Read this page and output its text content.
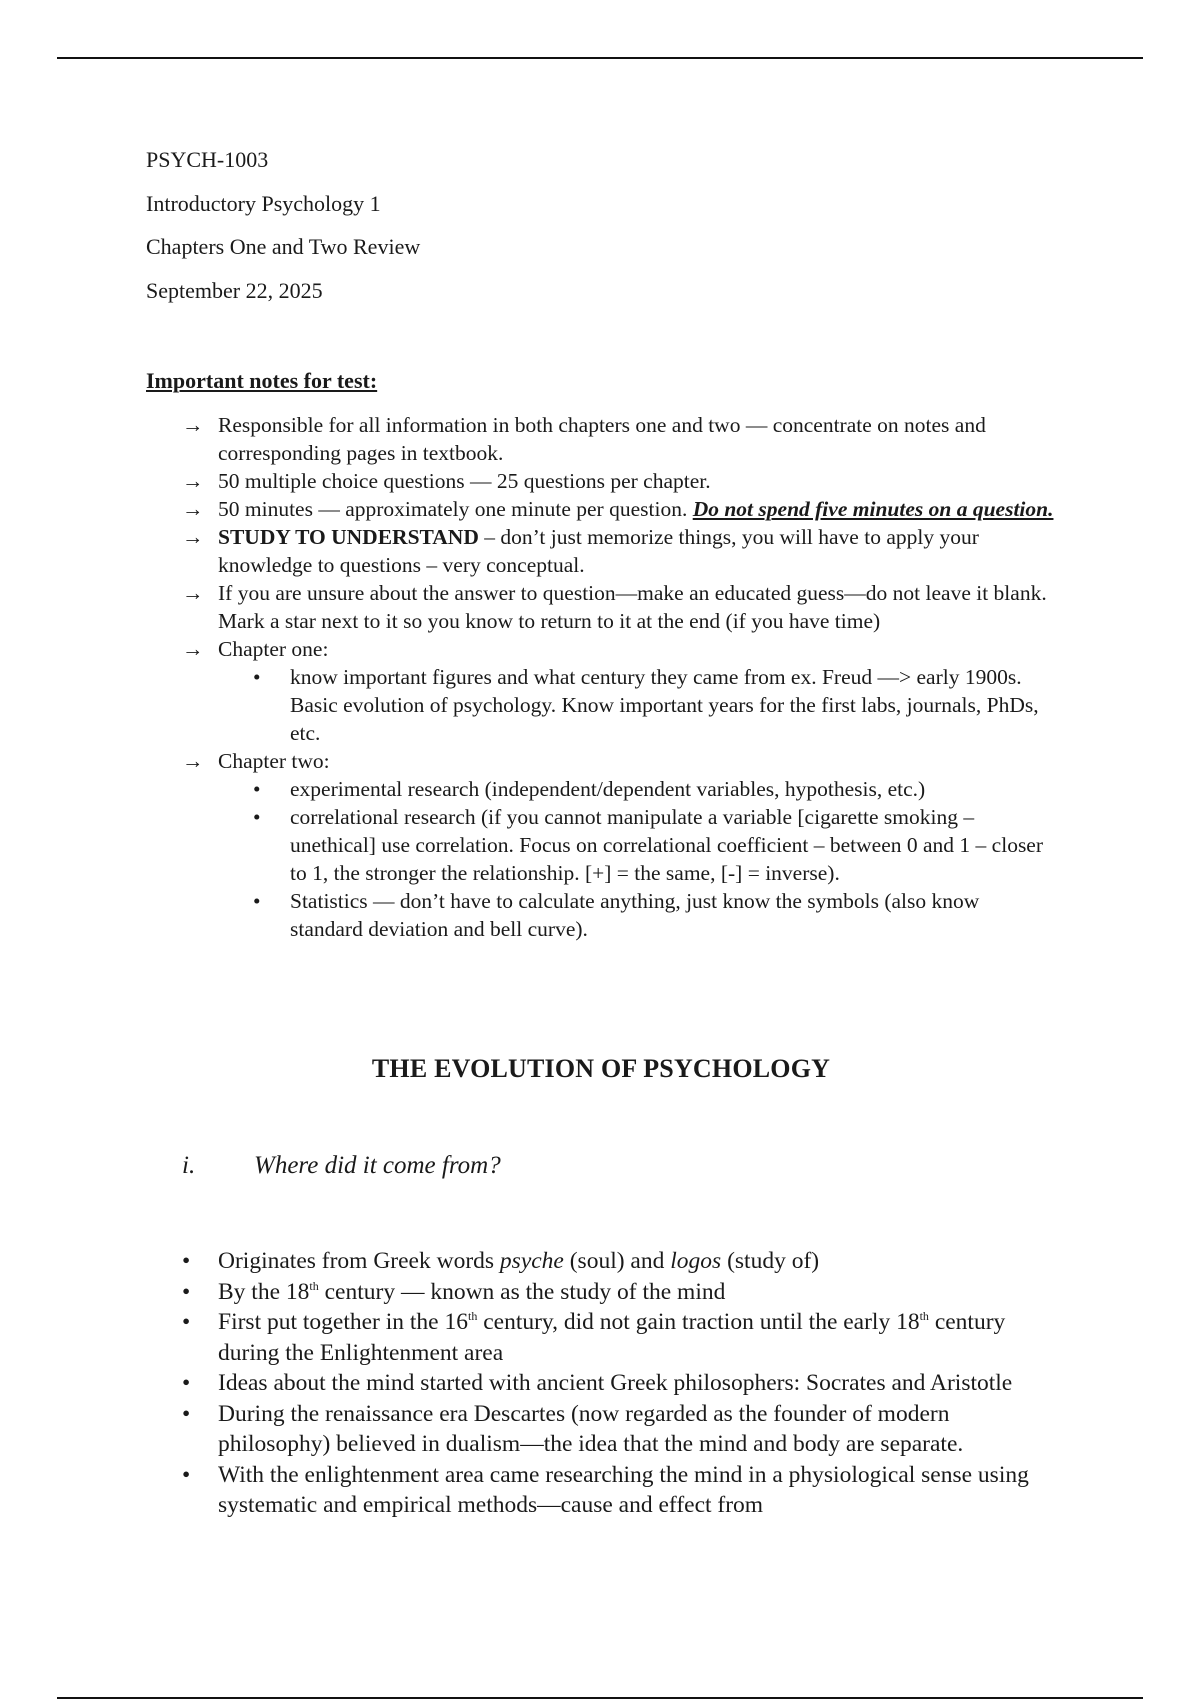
PSYCH-1003
Introductory Psychology 1
Chapters One and Two Review
September 22, 2025
Important notes for test:
→ Responsible for all information in both chapters one and two — concentrate on notes and corresponding pages in textbook.
→ 50 multiple choice questions — 25 questions per chapter.
→ 50 minutes — approximately one minute per question. Do not spend five minutes on a question.
→ STUDY TO UNDERSTAND – don’t just memorize things, you will have to apply your knowledge to questions – very conceptual.
→ If you are unsure about the answer to question—make an educated guess—do not leave it blank. Mark a star next to it so you know to return to it at the end (if you have time)
→ Chapter one:
• know important figures and what century they came from ex. Freud —> early 1900s. Basic evolution of psychology. Know important years for the first labs, journals, PhDs, etc.
→ Chapter two:
• experimental research (independent/dependent variables, hypothesis, etc.)
• correlational research (if you cannot manipulate a variable [cigarette smoking – unethical] use correlation. Focus on correlational coefficient – between 0 and 1 – closer to 1, the stronger the relationship. [+] = the same, [-] = inverse).
• Statistics — don’t have to calculate anything, just know the symbols (also know standard deviation and bell curve).
THE EVOLUTION OF PSYCHOLOGY
i. Where did it come from?
• Originates from Greek words psyche (soul) and logos (study of)
• By the 18th century — known as the study of the mind
• First put together in the 16th century, did not gain traction until the early 18th century during the Enlightenment area
• Ideas about the mind started with ancient Greek philosophers: Socrates and Aristotle
• During the renaissance era Descartes (now regarded as the founder of modern philosophy) believed in dualism—the idea that the mind and body are separate.
• With the enlightenment area came researching the mind in a physiological sense using systematic and empirical methods—cause and effect from
